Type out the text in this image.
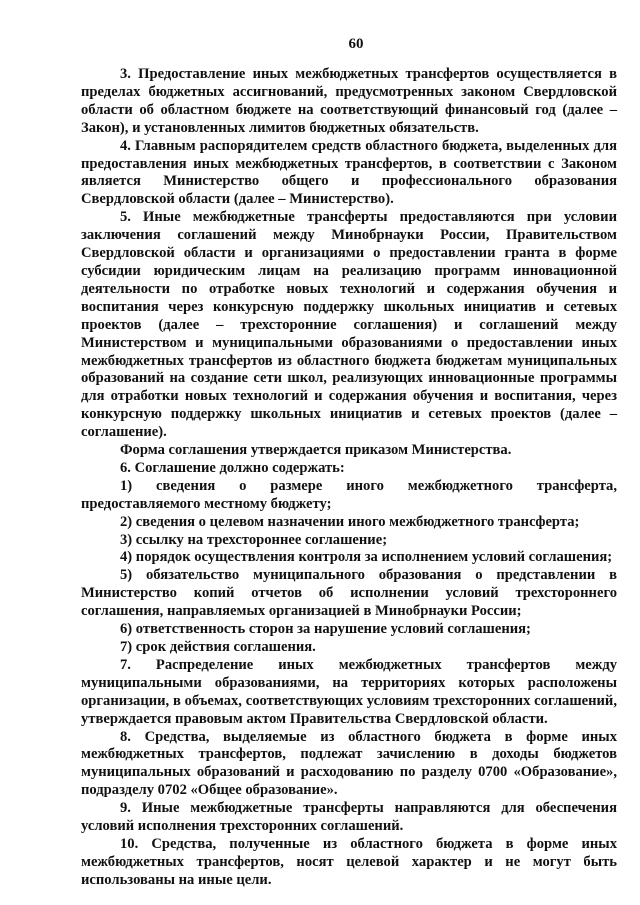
60

3. Предоставление иных межбюджетных трансфертов осуществляется в пределах бюджетных ассигнований, предусмотренных законом Свердловской области об областном бюджете на соответствующий финансовый год (далее – Закон), и установленных лимитов бюджетных обязательств.

4. Главным распорядителем средств областного бюджета, выделенных для предоставления иных межбюджетных трансфертов, в соответствии с Законом является Министерство общего и профессионального образования Свердловской области (далее – Министерство).

5. Иные межбюджетные трансферты предоставляются при условии заключения соглашений между Минобрнауки России, Правительством Свердловской области и организациями о предоставлении гранта в форме субсидии юридическим лицам на реализацию программ инновационной деятельности по отработке новых технологий и содержания обучения и воспитания через конкурсную поддержку школьных инициатив и сетевых проектов (далее – трехсторонние соглашения) и соглашений между Министерством и муниципальными образованиями о предоставлении иных межбюджетных трансфертов из областного бюджета бюджетам муниципальных образований на создание сети школ, реализующих инновационные программы для отработки новых технологий и содержания обучения и воспитания, через конкурсную поддержку школьных инициатив и сетевых проектов (далее – соглашение).

Форма соглашения утверждается приказом Министерства.

6. Соглашение должно содержать:

1) сведения о размере иного межбюджетного трансферта, предоставляемого местному бюджету;

2) сведения о целевом назначении иного межбюджетного трансферта;

3) ссылку на трехстороннее соглашение;

4) порядок осуществления контроля за исполнением условий соглашения;

5) обязательство муниципального образования о представлении в Министерство копий отчетов об исполнении условий трехстороннего соглашения, направляемых организацией в Минобрнауки России;

6) ответственность сторон за нарушение условий соглашения;

7) срок действия соглашения.

7. Распределение иных межбюджетных трансфертов между муниципальными образованиями, на территориях которых расположены организации, в объемах, соответствующих условиям трехсторонних соглашений, утверждается правовым актом Правительства Свердловской области.

8. Средства, выделяемые из областного бюджета в форме иных межбюджетных трансфертов, подлежат зачислению в доходы бюджетов муниципальных образований и расходованию по разделу 0700 «Образование», подразделу 0702 «Общее образование».

9. Иные межбюджетные трансферты направляются для обеспечения условий исполнения трехсторонних соглашений.

10. Средства, полученные из областного бюджета в форме иных межбюджетных трансфертов, носят целевой характер и не могут быть использованы на иные цели.
